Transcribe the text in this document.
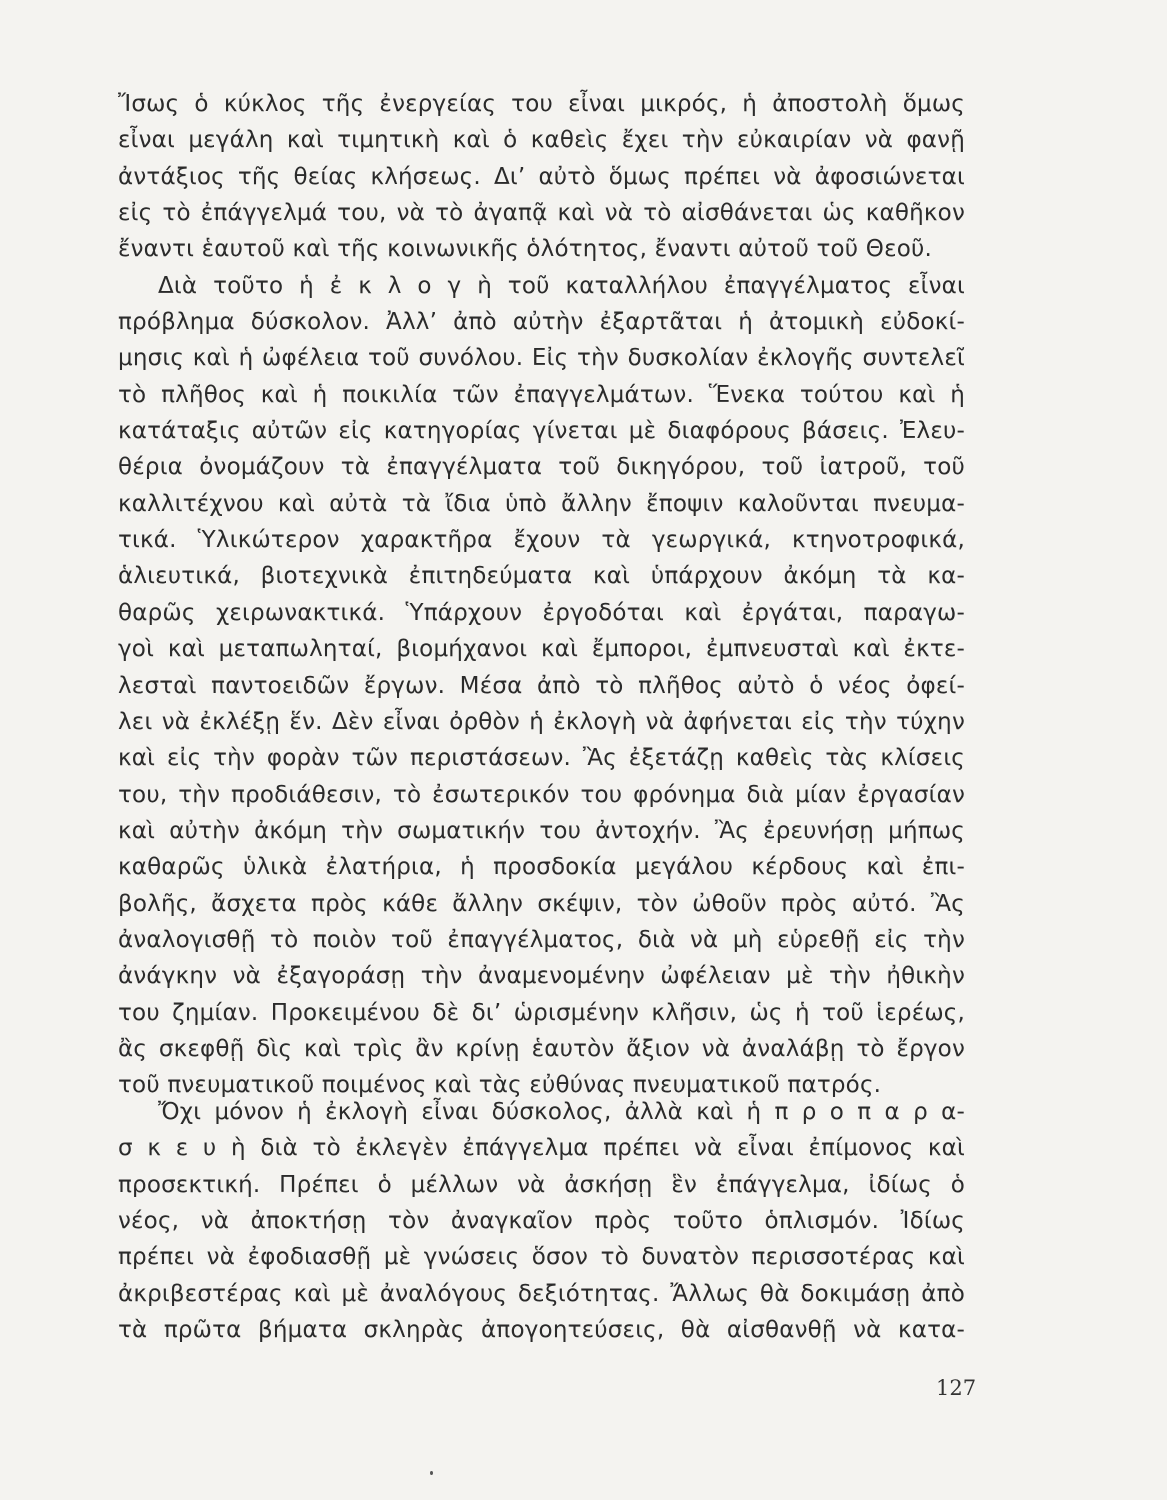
Ἴσως ὁ κύκλος τῆς ἐνεργείας του εἶναι μικρός, ἡ ἀποστολὴ ὅμως
εἶναι μεγάλη καὶ τιμητικὴ καὶ ὁ καθεὶς ἔχει τὴν εὐκαιρίαν νὰ φανῇ
ἀντάξιος τῆς θείας κλήσεως. Δι’ αὐτὸ ὅμως πρέπει νὰ ἀφοσιώνεται
εἰς τὸ ἐπάγγελμά του, νὰ τὸ ἀγαπᾷ καὶ νὰ τὸ αἰσθάνεται ὡς καθῆκον
ἔναντι ἑαυτοῦ καὶ τῆς κοινωνικῆς ὁλότητος, ἔναντι αὐτοῦ τοῦ Θεοῦ.
Διὰ τοῦτο ἡ ἐ κ λ ο γ ὴ τοῦ καταλλήλου ἐπαγγέλματος εἶναι
πρόβλημα δύσκολον. Ἀλλ’ ἀπὸ αὐτὴν ἐξαρτᾶται ἡ ἀτομικὴ εὐδοκί-
μησις καὶ ἡ ὠφέλεια τοῦ συνόλου. Εἰς τὴν δυσκολίαν ἐκλογῆς συντελεῖ
τὸ πλῆθος καὶ ἡ ποικιλία τῶν ἐπαγγελμάτων. Ἕνεκα τούτου καὶ ἡ
κατάταξις αὐτῶν εἰς κατηγορίας γίνεται μὲ διαφόρους βάσεις. Ἐλευ-
θέρια ὀνομάζουν τὰ ἐπαγγέλματα τοῦ δικηγόρου, τοῦ ἰατροῦ, τοῦ
καλλιτέχνου καὶ αὐτὰ τὰ ἴδια ὑπὸ ἄλλην ἔποψιν καλοῦνται πνευμα-
τικά. Ὑλικώτερον χαρακτῆρα ἔχουν τὰ γεωργικά, κτηνοτροφικά,
ἁλιευτικά, βιοτεχνικὰ ἐπιτηδεύματα καὶ ὑπάρχουν ἀκόμη τὰ κα-
θαρῶς χειρωνακτικά. Ὑπάρχουν ἐργοδόται καὶ ἐργάται, παραγω-
γοὶ καὶ μεταπωληταί, βιομήχανοι καὶ ἔμποροι, ἐμπνευσταὶ καὶ ἐκτε-
λεσταὶ παντοειδῶν ἔργων. Μέσα ἀπὸ τὸ πλῆθος αὐτὸ ὁ νέος ὀφεί-
λει νὰ ἐκλέξῃ ἕν. Δὲν εἶναι ὀρθὸν ἡ ἐκλογὴ νὰ ἀφήνεται εἰς τὴν τύχην
καὶ εἰς τὴν φορὰν τῶν περιστάσεων. Ἂς ἐξετάζῃ καθεὶς τὰς κλίσεις
του, τὴν προδιάθεσιν, τὸ ἐσωτερικόν του φρόνημα διὰ μίαν ἐργασίαν
καὶ αὐτὴν ἀκόμη τὴν σωματικήν του ἀντοχήν. Ἂς ἐρευνήσῃ μήπως
καθαρῶς ὑλικὰ ἐλατήρια, ἡ προσδοκία μεγάλου κέρδους καὶ ἐπι-
βολῆς, ἄσχετα πρὸς κάθε ἄλλην σκέψιν, τὸν ὠθοῦν πρὸς αὐτό. Ἂς
ἀναλογισθῇ τὸ ποιὸν τοῦ ἐπαγγέλματος, διὰ νὰ μὴ εὑρεθῇ εἰς τὴν
ἀνάγκην νὰ ἐξαγοράσῃ τὴν ἀναμενομένην ὠφέλειαν μὲ τὴν ἠθικὴν
του ζημίαν. Προκειμένου δὲ δι’ ὡρισμένην κλῆσιν, ὡς ἡ τοῦ ἱερέως,
ἂς σκεφθῇ δὶς καὶ τρὶς ἂν κρίνῃ ἑαυτὸν ἄξιον νὰ ἀναλάβῃ τὸ ἔργον
τοῦ πνευματικοῦ ποιμένος καὶ τὰς εὐθύνας πνευματικοῦ πατρός.
Ὄχι μόνον ἡ ἐκλογὴ εἶναι δύσκολος, ἀλλὰ καὶ ἡ π ρ ο π α ρ α-
σ κ ε υ ὴ διὰ τὸ ἐκλεγὲν ἐπάγγελμα πρέπει νὰ εἶναι ἐπίμονος καὶ
προσεκτική. Πρέπει ὁ μέλλων νὰ ἀσκήσῃ ἓν ἐπάγγελμα, ἰδίως ὁ
νέος, νὰ ἀποκτήσῃ τὸν ἀναγκαῖον πρὸς τοῦτο ὁπλισμόν. Ἰδίως
πρέπει νὰ ἐφοδιασθῇ μὲ γνώσεις ὅσον τὸ δυνατὸν περισσοτέρας καὶ
ἀκριβεστέρας καὶ μὲ ἀναλόγους δεξιότητας. Ἄλλως θὰ δοκιμάσῃ ἀπὸ
τὰ πρῶτα βήματα σκληρὰς ἀπογοητεύσεις, θὰ αἰσθανθῇ νὰ κατα-
127
